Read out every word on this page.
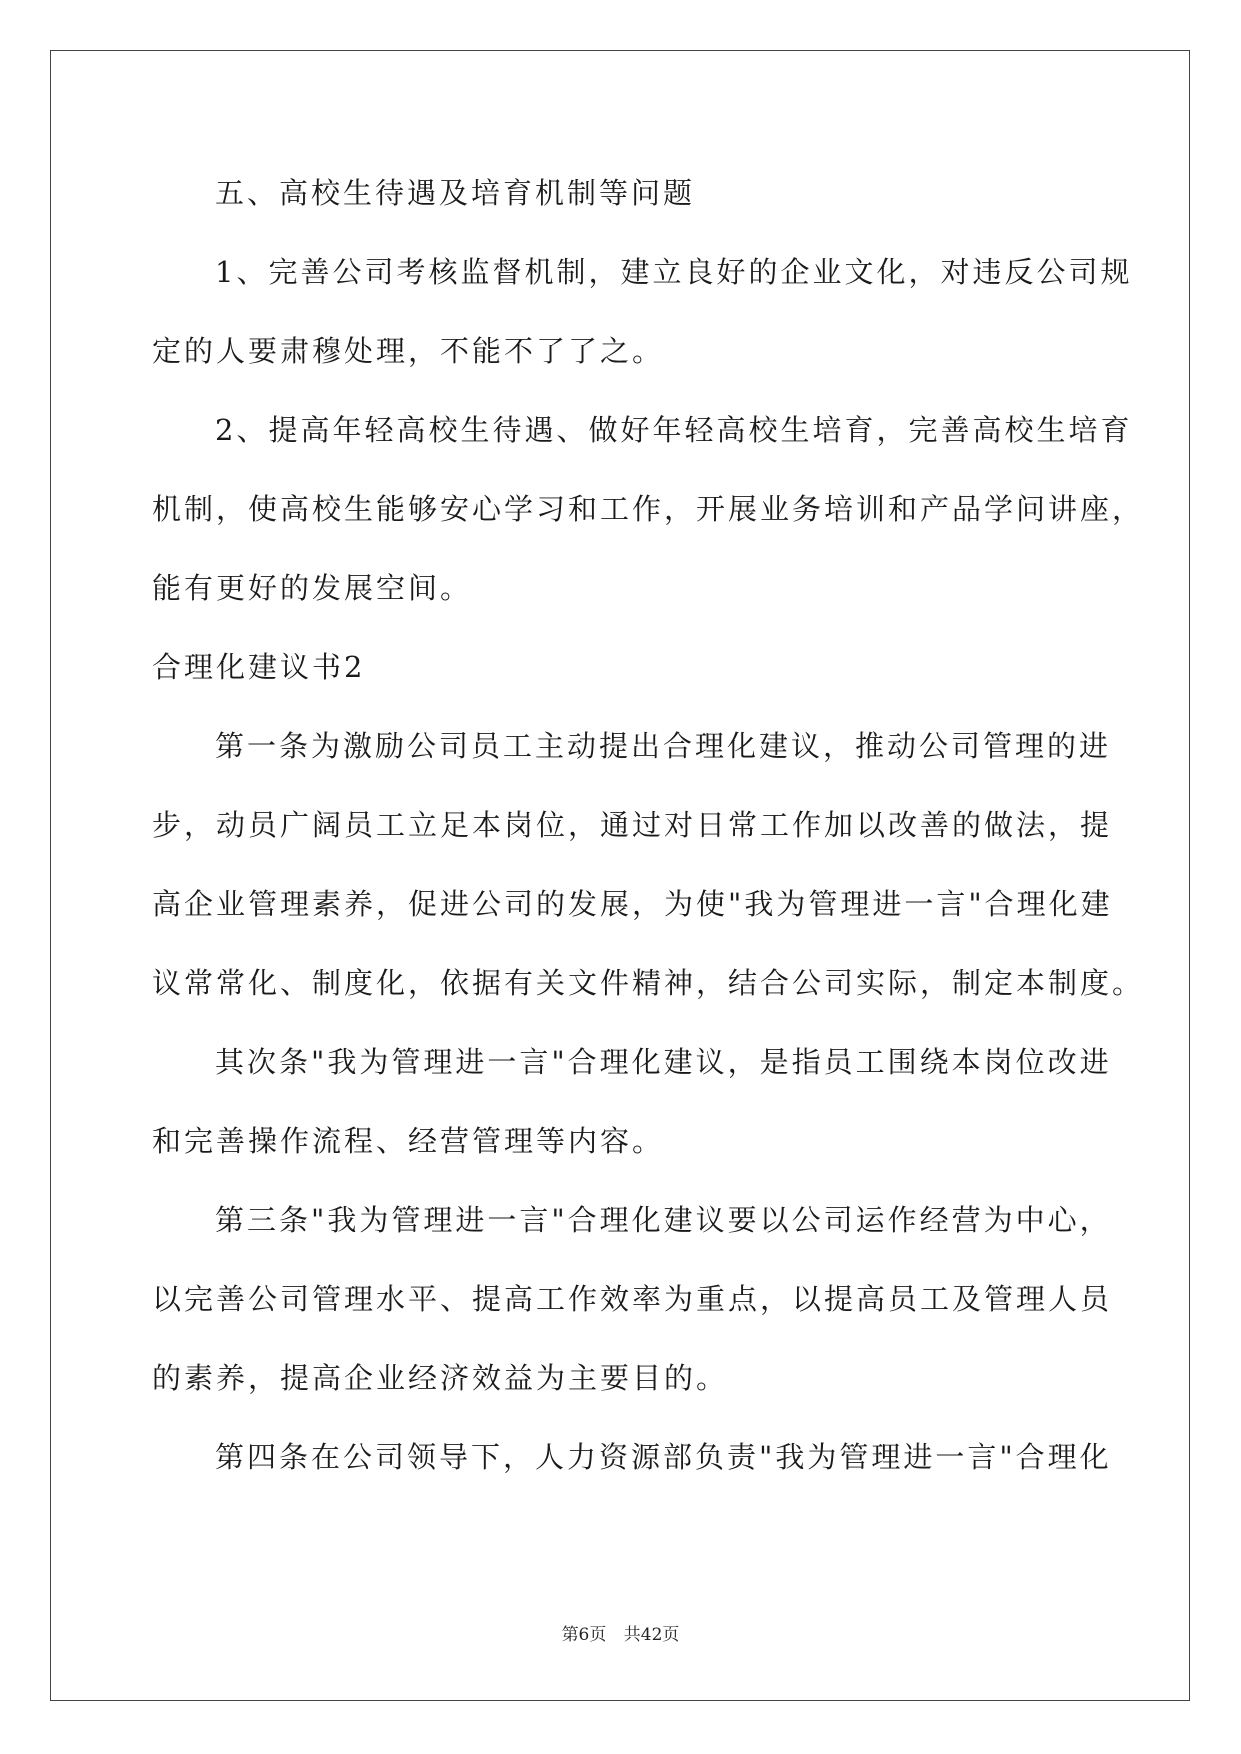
五、高校生待遇及培育机制等问题

1、完善公司考核监督机制，建立良好的企业文化，对违反公司规

定的人要肃穆处理，不能不了了之。

2、提高年轻高校生待遇、做好年轻高校生培育，完善高校生培育

机制，使高校生能够安心学习和工作，开展业务培训和产品学问讲座，

能有更好的发展空间。

合理化建议书2

第一条为激励公司员工主动提出合理化建议，推动公司管理的进

步，动员广阔员工立足本岗位，通过对日常工作加以改善的做法，提

高企业管理素养，促进公司的发展，为使"我为管理进一言"合理化建

议常常化、制度化，依据有关文件精神，结合公司实际，制定本制度。

其次条"我为管理进一言"合理化建议，是指员工围绕本岗位改进

和完善操作流程、经营管理等内容。

第三条"我为管理进一言"合理化建议要以公司运作经营为中心，

以完善公司管理水平、提高工作效率为重点，以提高员工及管理人员

的素养，提高企业经济效益为主要目的。

第四条在公司领导下，人力资源部负责"我为管理进一言"合理化

第6页 共42页
